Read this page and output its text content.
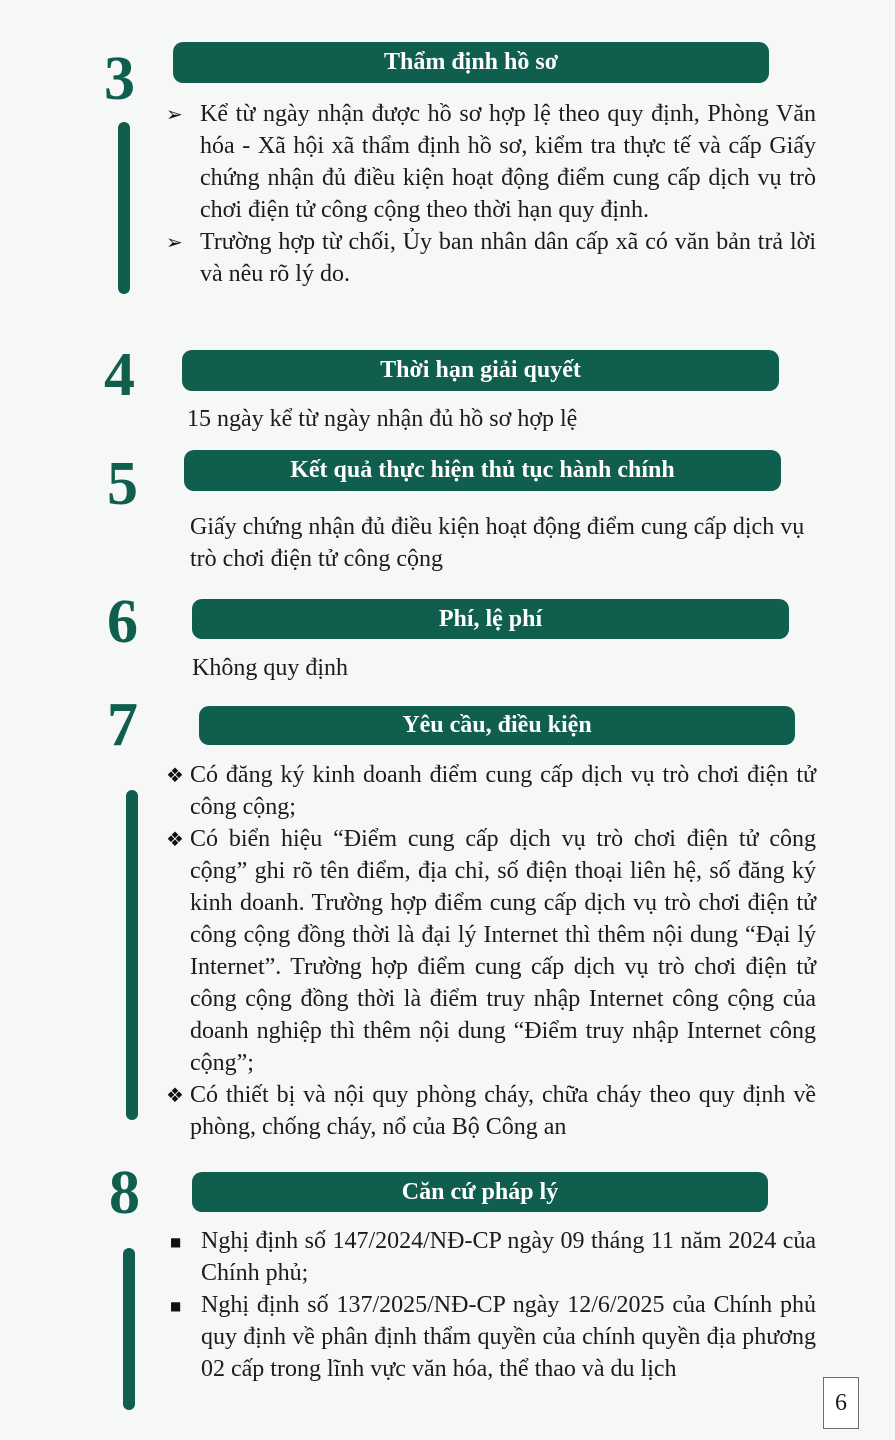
3	Thẩm định hồ sơ
➢ Kể từ ngày nhận được hồ sơ hợp lệ theo quy định, Phòng Văn hóa - Xã hội xã thẩm định hồ sơ, kiểm tra thực tế và cấp Giấy chứng nhận đủ điều kiện hoạt động điểm cung cấp dịch vụ trò chơi điện tử công cộng theo thời hạn quy định.
➢ Trường hợp từ chối, Ủy ban nhân dân cấp xã có văn bản trả lời và nêu rõ lý do.
4	Thời hạn giải quyết

15 ngày kể từ ngày nhận đủ hồ sơ hợp lệ

5	Kết quả thực hiện thủ tục hành chính

Giấy chứng nhận đủ điều kiện hoạt động điểm cung cấp dịch vụ trò chơi điện tử công cộng

6	Phí, lệ phí

Không quy định

7	Yêu cầu, điều kiện
❖ Có đăng ký kinh doanh điểm cung cấp dịch vụ trò chơi điện tử công cộng;
❖ Có biển hiệu “Điểm cung cấp dịch vụ trò chơi điện tử công cộng” ghi rõ tên điểm, địa chỉ, số điện thoại liên hệ, số đăng ký kinh doanh. Trường hợp điểm cung cấp dịch vụ trò chơi điện tử công cộng đồng thời là đại lý Internet thì thêm nội dung “Đại lý Internet”. Trường hợp điểm cung cấp dịch vụ trò chơi điện tử công cộng đồng thời là điểm truy nhập Internet công cộng của doanh nghiệp thì thêm nội dung “Điểm truy nhập Internet công cộng”;
❖ Có thiết bị và nội quy phòng cháy, chữa cháy theo quy định về phòng, chống cháy, nổ của Bộ Công an
8	Căn cứ pháp lý
■ Nghị định số 147/2024/NĐ-CP ngày 09 tháng 11 năm 2024 của Chính phủ;
■ Nghị định số 137/2025/NĐ-CP ngày 12/6/2025 của Chính phủ quy định về phân định thẩm quyền của chính quyền địa phương 02 cấp trong lĩnh vực văn hóa, thể thao và du lịch
6
